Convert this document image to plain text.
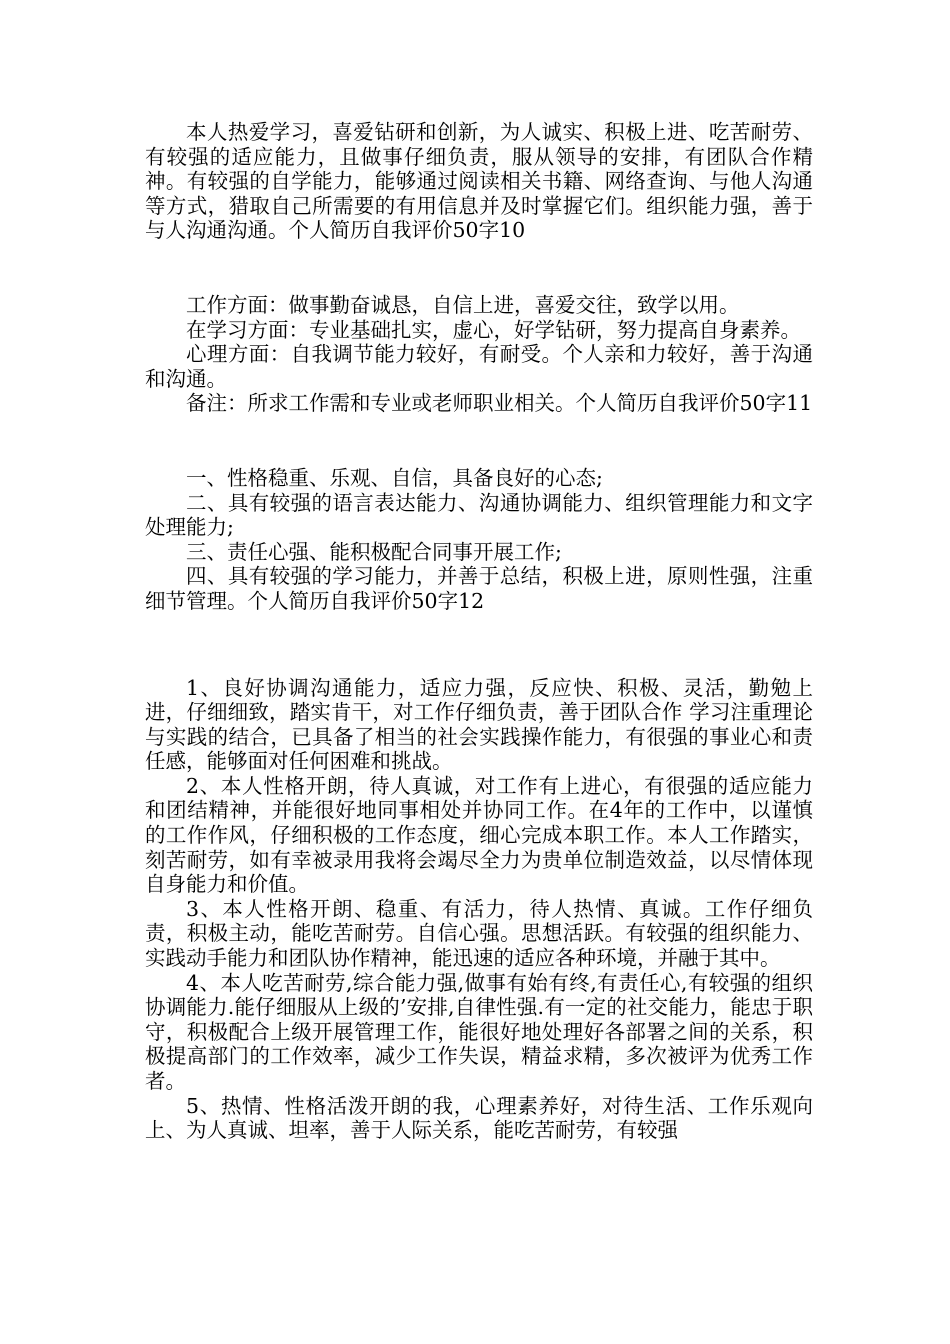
本人热爱学习，喜爱钻研和创新，为人诚实、积极上进、吃苦耐劳、有较强的适应能力，且做事仔细负责，服从领导的安排，有团队合作精神。有较强的自学能力，能够通过阅读相关书籍、网络查询、与他人沟通等方式，猎取自己所需要的有用信息并及时掌握它们。组织能力强，善于与人沟通沟通。个人简历自我评价50字10

工作方面：做事勤奋诚恳，自信上进，喜爱交往，致学以用。

在学习方面：专业基础扎实，虚心，好学钻研，努力提高自身素养。

心理方面：自我调节能力较好，有耐受。个人亲和力较好，善于沟通和沟通。

备注：所求工作需和专业或老师职业相关。个人简历自我评价50字11

一、性格稳重、乐观、自信，具备良好的心态;

二、具有较强的语言表达能力、沟通协调能力、组织管理能力和文字处理能力;

三、责任心强、能积极配合同事开展工作;

四、具有较强的学习能力，并善于总结，积极上进，原则性强，注重细节管理。个人简历自我评价50字12

1、良好协调沟通能力，适应力强，反应快、积极、灵活，勤勉上进，仔细细致，踏实肯干，对工作仔细负责，善于团队合作 学习注重理论与实践的结合，已具备了相当的社会实践操作能力，有很强的事业心和责任感，能够面对任何困难和挑战。

2、本人性格开朗，待人真诚，对工作有上进心，有很强的适应能力和团结精神，并能很好地同事相处并协同工作。在4年的工作中，以谨慎的工作作风，仔细积极的工作态度，细心完成本职工作。本人工作踏实，刻苦耐劳，如有幸被录用我将会竭尽全力为贵单位制造效益，以尽情体现自身能力和价值。

3、本人性格开朗、稳重、有活力，待人热情、真诚。工作仔细负责，积极主动，能吃苦耐劳。自信心强。思想活跃。有较强的组织能力、实践动手能力和团队协作精神，能迅速的适应各种环境，并融于其中。

4、本人吃苦耐劳,综合能力强,做事有始有终,有责任心,有较强的组织协调能力.能仔细服从上级的’安排,自律性强.有一定的社交能力，能忠于职守，积极配合上级开展管理工作，能很好地处理好各部署之间的关系，积极提高部门的工作效率，减少工作失误，精益求精，多次被评为优秀工作者。

5、热情、性格活泼开朗的我，心理素养好，对待生活、工作乐观向上、为人真诚、坦率，善于人际关系，能吃苦耐劳，有较强
